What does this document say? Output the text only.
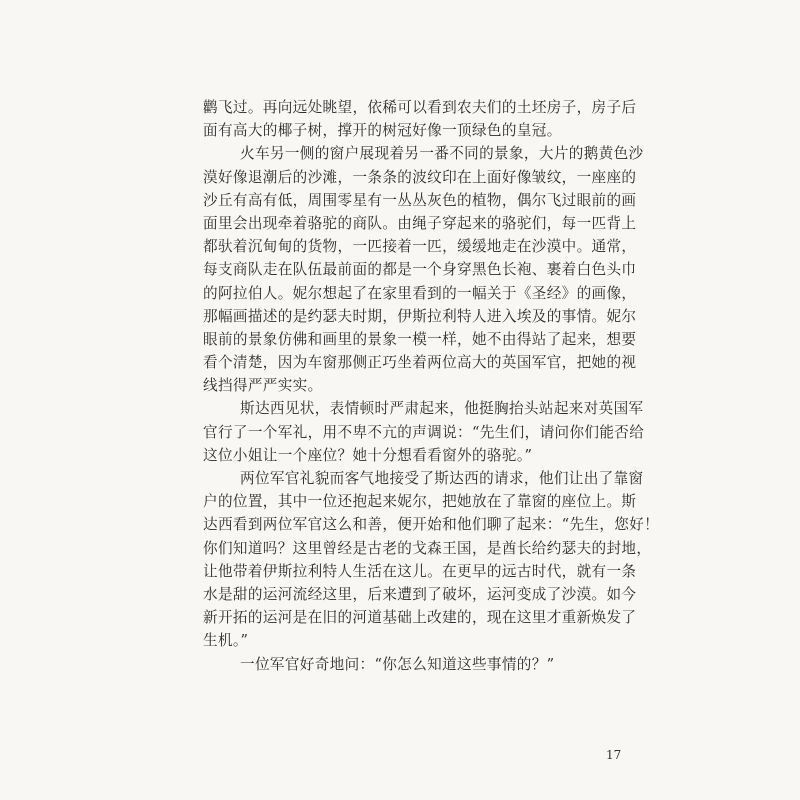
鹳飞过。再向远处眺望，依稀可以看到农夫们的土坯房子，房子后
面有高大的椰子树，撑开的树冠好像一顶绿色的皇冠。
火车另一侧的窗户展现着另一番不同的景象，大片的鹅黄色沙
漠好像退潮后的沙滩，一条条的波纹印在上面好像皱纹，一座座的
沙丘有高有低，周围零星有一丛丛灰色的植物，偶尔飞过眼前的画
面里会出现牵着骆驼的商队。由绳子穿起来的骆驼们，每一匹背上
都驮着沉甸甸的货物，一匹接着一匹，缓缓地走在沙漠中。通常，
每支商队走在队伍最前面的都是一个身穿黑色长袍、裹着白色头巾
的阿拉伯人。妮尔想起了在家里看到的一幅关于《圣经》的画像，
那幅画描述的是约瑟夫时期，伊斯拉利特人进入埃及的事情。妮尔
眼前的景象仿佛和画里的景象一模一样，她不由得站了起来，想要
看个清楚，因为车窗那侧正巧坐着两位高大的英国军官，把她的视
线挡得严严实实。
斯达西见状，表情顿时严肃起来，他挺胸抬头站起来对英国军
官行了一个军礼，用不卑不亢的声调说：“先生们，请问你们能否给
这位小姐让一个座位？她十分想看看窗外的骆驼。”
两位军官礼貌而客气地接受了斯达西的请求，他们让出了靠窗
户的位置，其中一位还抱起来妮尔，把她放在了靠窗的座位上。斯
达西看到两位军官这么和善，便开始和他们聊了起来：“先生，您好！
你们知道吗？这里曾经是古老的戈森王国，是酋长给约瑟夫的封地，
让他带着伊斯拉利特人生活在这儿。在更早的远古时代，就有一条
水是甜的运河流经这里，后来遭到了破坏，运河变成了沙漠。如今
新开拓的运河是在旧的河道基础上改建的，现在这里才重新焕发了
生机。”
一位军官好奇地问：“你怎么知道这些事情的？”
17
